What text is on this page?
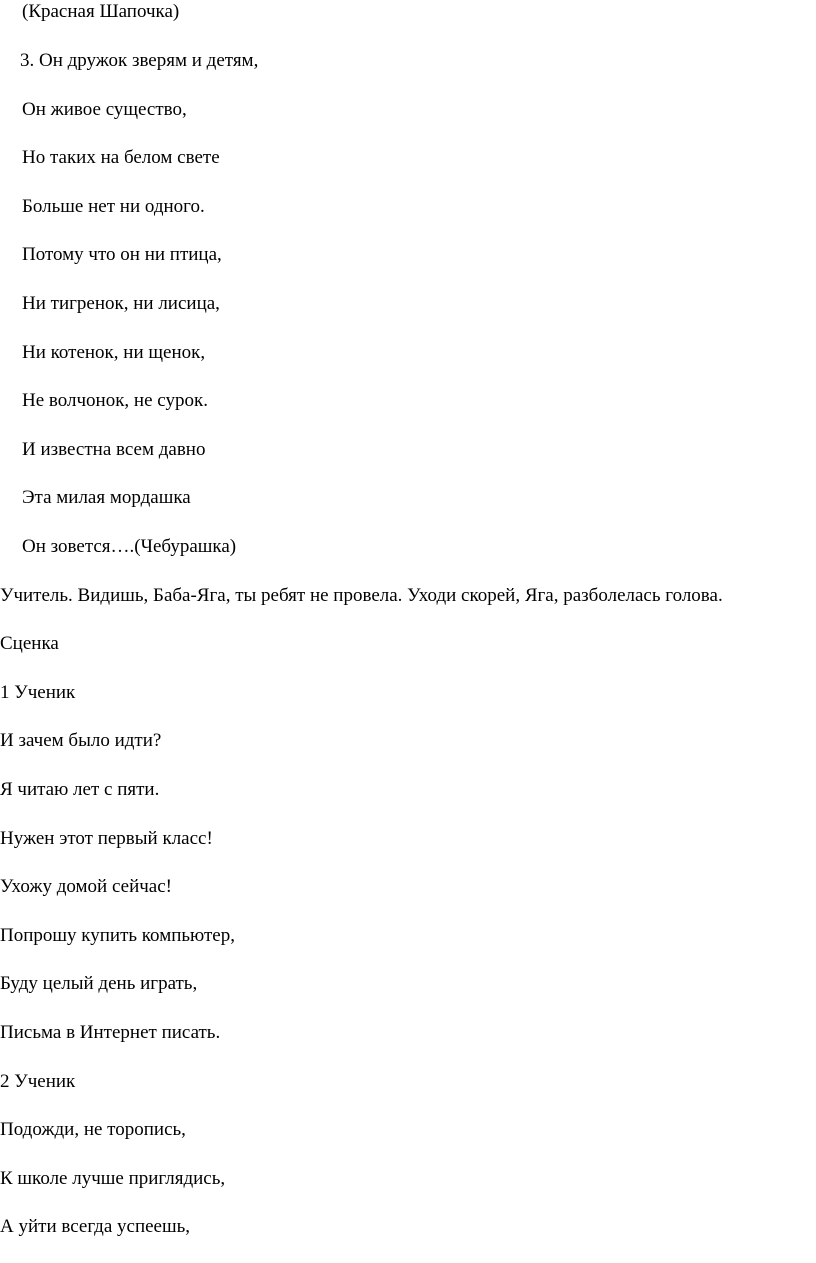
(Красная Шапочка)
3. Он дружок зверям и детям,
Он живое существо,
Но таких на белом свете
Больше нет ни одного.
Потому что он ни птица,
Ни тигренок, ни лисица,
Ни котенок, ни щенок,
Не волчонок, не сурок.
И известна всем давно
Эта милая мордашка
Он зовется….(Чебурашка)
Учитель. Видишь, Баба-Яга, ты ребят не провела. Уходи скорей, Яга, разболелась голова.
Сценка
1 Ученик
И зачем было идти?
Я читаю лет с пяти.
Нужен этот первый класс!
Ухожу домой сейчас!
Попрошу купить компьютер,
Буду целый день играть,
Письма в Интернет писать.
2 Ученик
Подожди, не торопись,
К школе лучше приглядись,
А уйти всегда успеешь,
